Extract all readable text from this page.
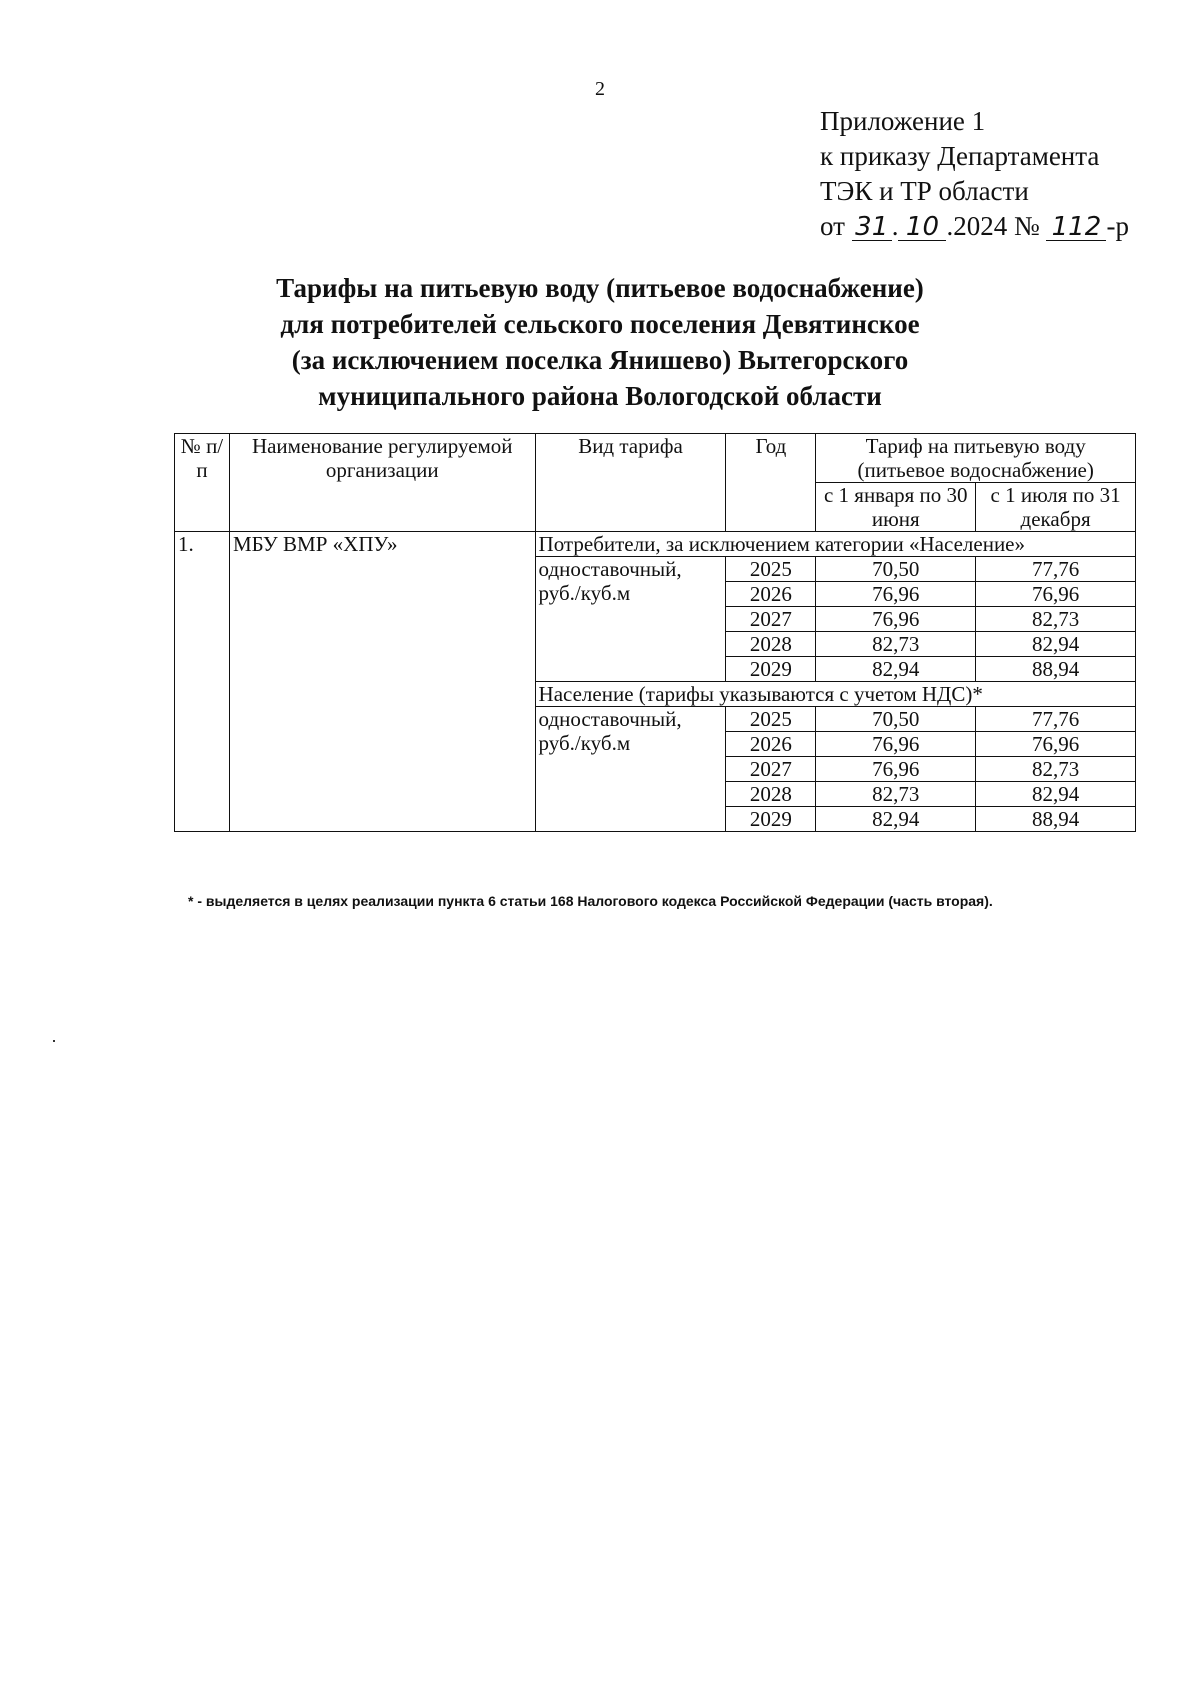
2
Приложение 1
к приказу Департамента
ТЭК и ТР области
от 31 . 10 .2024 № 112 -р
Тарифы на питьевую воду (питьевое водоснабжение)
для потребителей сельского поселения Девятинское
(за исключением поселка Янишево) Вытегорского
муниципального района Вологодской области
№ п/п	Наименование регулируемой организации	Вид тарифа	Год	Тариф на питьевую воду (питьевое водоснабжение)	
				с 1 января по 30 июня	с 1 июля по 31 декабря
1.	МБУ ВМР «ХПУ»	Потребители, за исключением категории «Население»			
		одноставочный, руб./куб.м	2025	70,50	77,76
			2026	76,96	76,96
			2027	76,96	82,73
			2028	82,73	82,94
			2029	82,94	88,94
		Население (тарифы указываются с учетом НДС)*			
		одноставочный, руб./куб.м	2025	70,50	77,76
			2026	76,96	76,96
			2027	76,96	82,73
			2028	82,73	82,94
			2029	82,94	88,94
* - выделяется в целях реализации пункта 6 статьи 168 Налогового кодекса Российской Федерации (часть вторая).
